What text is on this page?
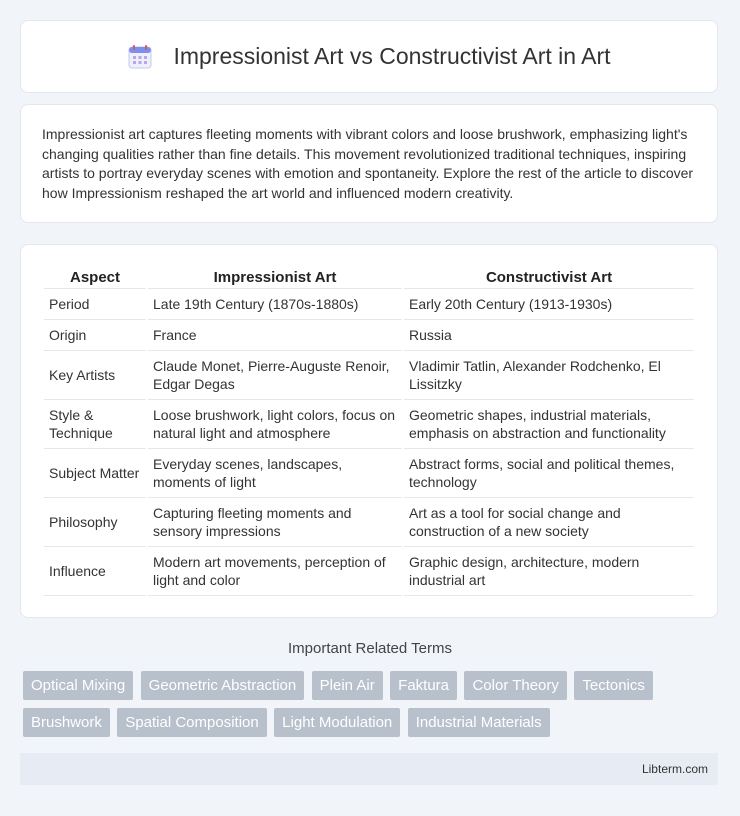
Impressionist Art vs Constructivist Art in Art

Impressionist art captures fleeting moments with vibrant colors and loose brushwork, emphasizing light's changing qualities rather than fine details. This movement revolutionized traditional techniques, inspiring artists to portray everyday scenes with emotion and spontaneity. Explore the rest of the article to discover how Impressionism reshaped the art world and influenced modern creativity.

Aspect	Impressionist Art	Constructivist Art
Period	Late 19th Century (1870s-1880s)	Early 20th Century (1913-1930s)
Origin	France	Russia
Key Artists	Claude Monet, Pierre-Auguste Renoir, Edgar Degas	Vladimir Tatlin, Alexander Rodchenko, El Lissitzky
Style & Technique	Loose brushwork, light colors, focus on natural light and atmosphere	Geometric shapes, industrial materials, emphasis on abstraction and functionality
Subject Matter	Everyday scenes, landscapes, moments of light	Abstract forms, social and political themes, technology
Philosophy	Capturing fleeting moments and sensory impressions	Art as a tool for social change and construction of a new society
Influence	Modern art movements, perception of light and color	Graphic design, architecture, modern industrial art
Important Related Terms
Optical Mixing Geometric Abstraction Plein Air Faktura Color Theory Tectonics
Brushwork Spatial Composition Light Modulation Industrial Materials
Libterm.com
